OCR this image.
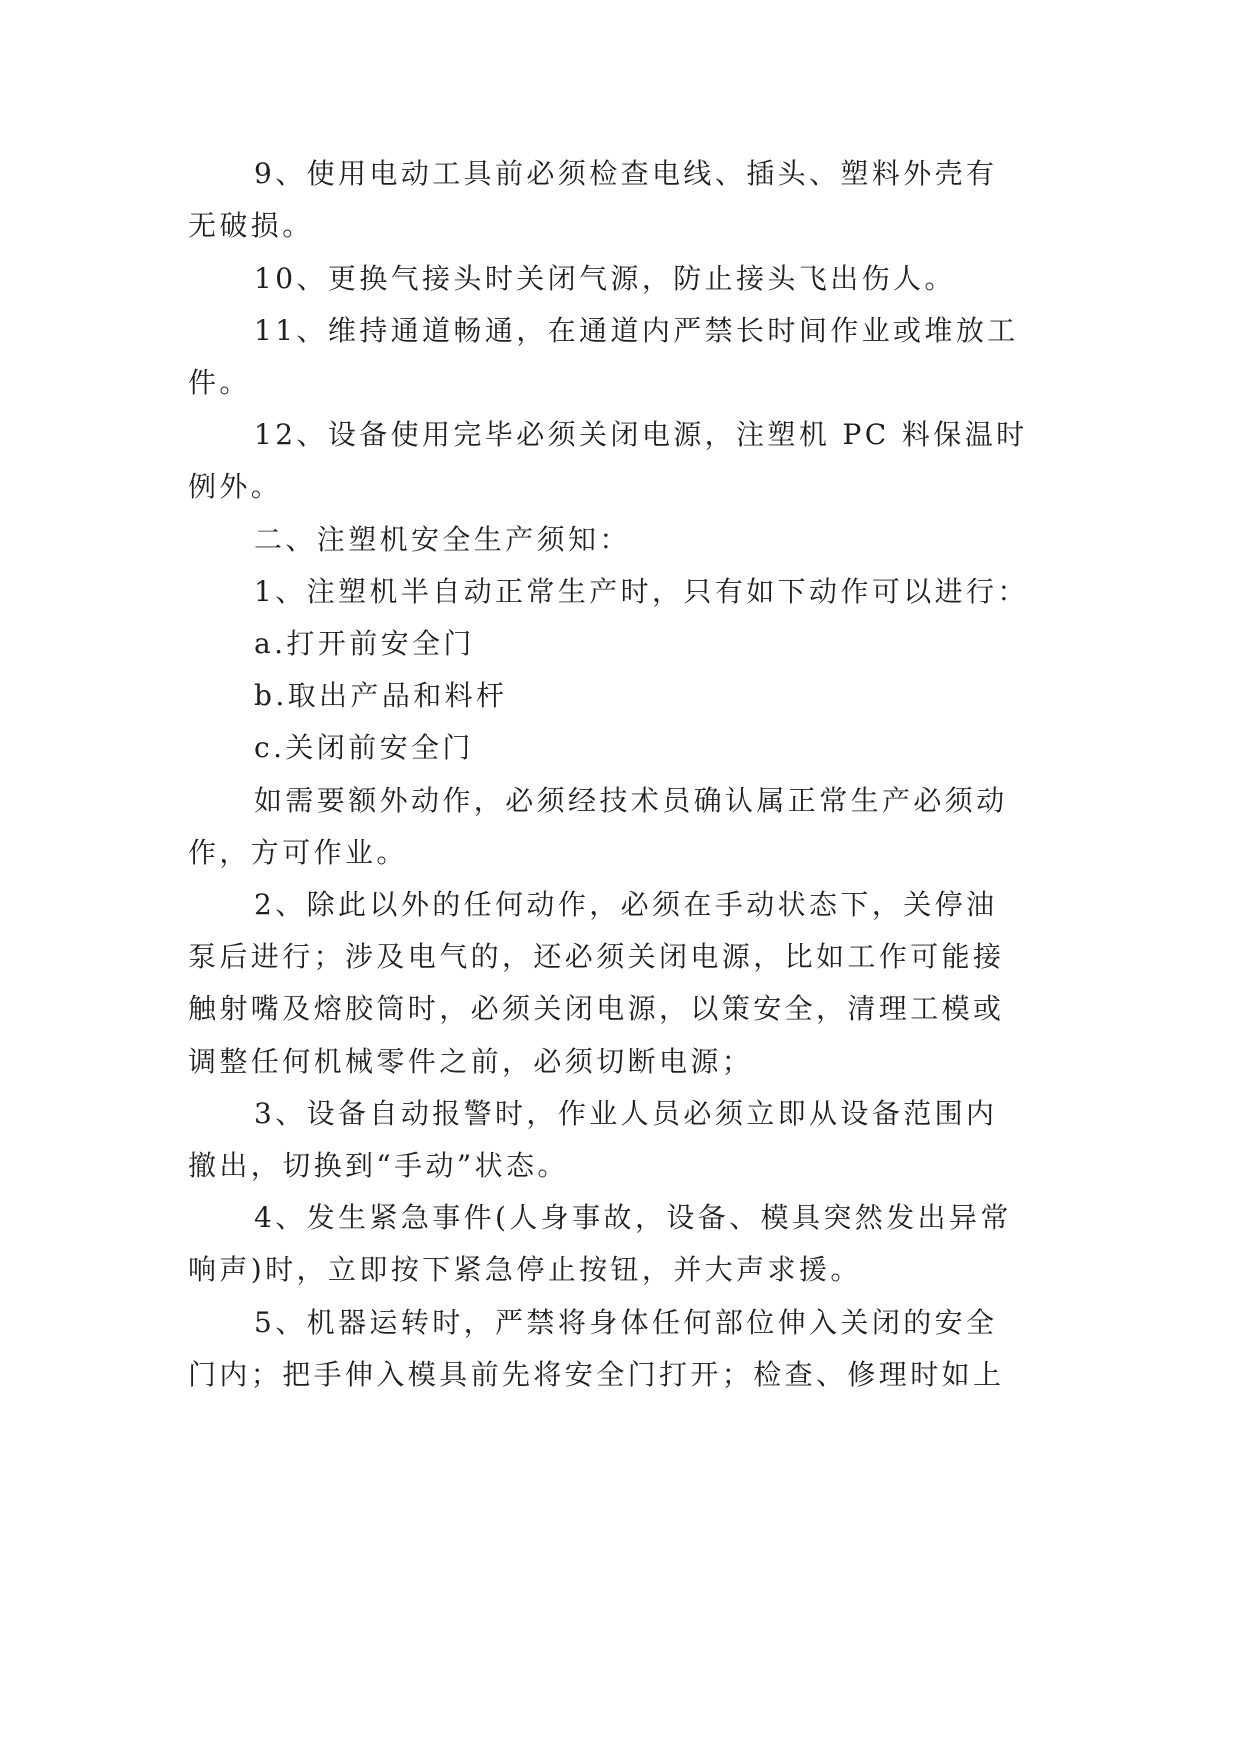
9、使用电动工具前必须检查电线、插头、塑料外壳有
无破损。
10、更换气接头时关闭气源，防止接头飞出伤人。
11、维持通道畅通，在通道内严禁长时间作业或堆放工
件。
12、设备使用完毕必须关闭电源，注塑机 PC 料保温时
例外。
二、注塑机安全生产须知：
1、注塑机半自动正常生产时，只有如下动作可以进行：
a.打开前安全门
b.取出产品和料杆
c.关闭前安全门
如需要额外动作，必须经技术员确认属正常生产必须动
作，方可作业。
2、除此以外的任何动作，必须在手动状态下，关停油
泵后进行；涉及电气的，还必须关闭电源，比如工作可能接
触射嘴及熔胶筒时，必须关闭电源，以策安全，清理工模或
调整任何机械零件之前，必须切断电源；
3、设备自动报警时，作业人员必须立即从设备范围内
撤出，切换到“手动”状态。
4、发生紧急事件(人身事故，设备、模具突然发出异常
响声)时，立即按下紧急停止按钮，并大声求援。
5、机器运转时，严禁将身体任何部位伸入关闭的安全
门内；把手伸入模具前先将安全门打开；检查、修理时如上
